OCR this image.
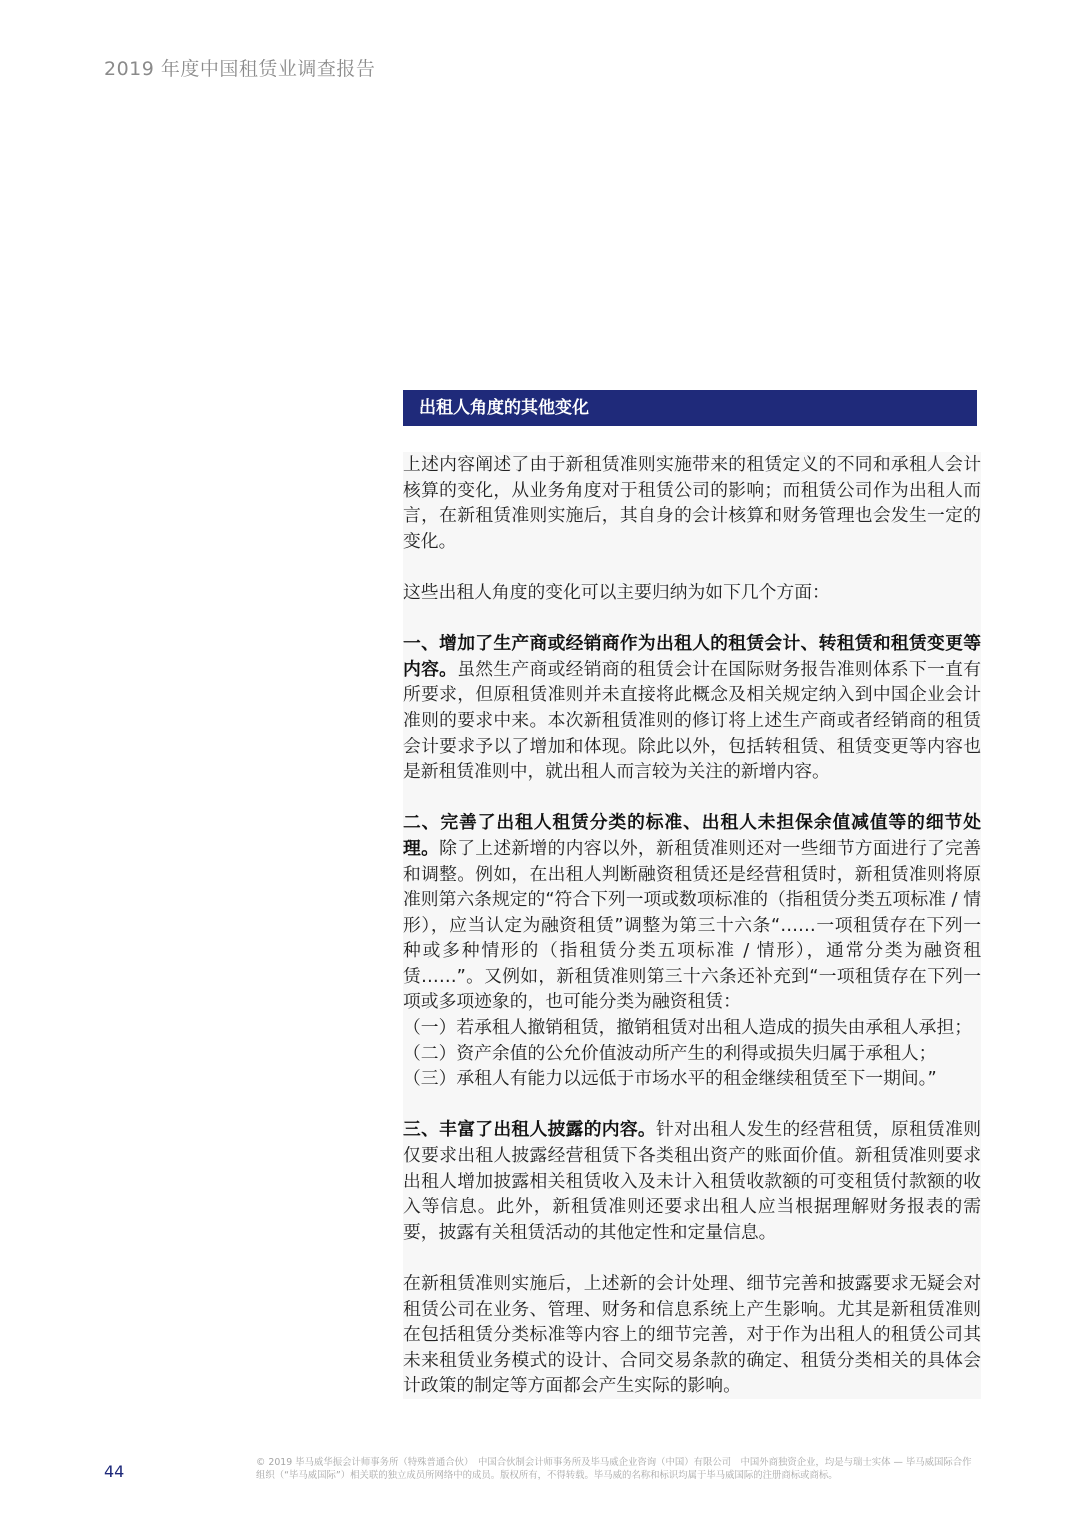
2019 年度中国租赁业调查报告
出租人角度的其他变化

上述内容阐述了由于新租赁准则实施带来的租赁定义的不同和承租人会计核算的变化，从业务角度对于租赁公司的影响；而租赁公司作为出租人而言，在新租赁准则实施后，其自身的会计核算和财务管理也会发生一定的变化。

这些出租人角度的变化可以主要归纳为如下几个方面：

一、增加了生产商或经销商作为出租人的租赁会计、转租赁和租赁变更等内容。虽然生产商或经销商的租赁会计在国际财务报告准则体系下一直有所要求，但原租赁准则并未直接将此概念及相关规定纳入到中国企业会计准则的要求中来。本次新租赁准则的修订将上述生产商或者经销商的租赁会计要求予以了增加和体现。除此以外，包括转租赁、租赁变更等内容也是新租赁准则中，就出租人而言较为关注的新增内容。

二、完善了出租人租赁分类的标准、出租人未担保余值减值等的细节处理。除了上述新增的内容以外，新租赁准则还对一些细节方面进行了完善和调整。例如，在出租人判断融资租赁还是经营租赁时，新租赁准则将原准则第六条规定的“符合下列一项或数项标准的（指租赁分类五项标准 / 情形），应当认定为融资租赁”调整为第三十六条“……一项租赁存在下列一种或多种情形的（指租赁分类五项标准 / 情形），通常分类为融资租赁……”。又例如，新租赁准则第三十六条还补充到“一项租赁存在下列一项或多项迹象的，也可能分类为融资租赁：
（一）若承租人撤销租赁，撤销租赁对出租人造成的损失由承租人承担；
（二）资产余值的公允价值波动所产生的利得或损失归属于承租人；
（三）承租人有能力以远低于市场水平的租金继续租赁至下一期间。”

三、丰富了出租人披露的内容。针对出租人发生的经营租赁，原租赁准则仅要求出租人披露经营租赁下各类租出资产的账面价值。新租赁准则要求出租人增加披露相关租赁收入及未计入租赁收款额的可变租赁付款额的收入等信息。此外，新租赁准则还要求出租人应当根据理解财务报表的需要，披露有关租赁活动的其他定性和定量信息。

在新租赁准则实施后，上述新的会计处理、细节完善和披露要求无疑会对租赁公司在业务、管理、财务和信息系统上产生影响。尤其是新租赁准则在包括租赁分类标准等内容上的细节完善，对于作为出租人的租赁公司其未来租赁业务模式的设计、合同交易条款的确定、租赁分类相关的具体会计政策的制定等方面都会产生实际的影响。

44	© 2019 毕马威华振会计师事务所（特殊普通合伙）　中国合伙制会计师事务所及毕马威企业咨询（中国）有限公司　中国外商独资企业，均是与瑞士实体 — 毕马威国际合作组织（“毕马威国际”）相关联的独立成员所网络中的成员。版权所有，不得转载。毕马威的名称和标识均属于毕马威国际的注册商标或商标。
